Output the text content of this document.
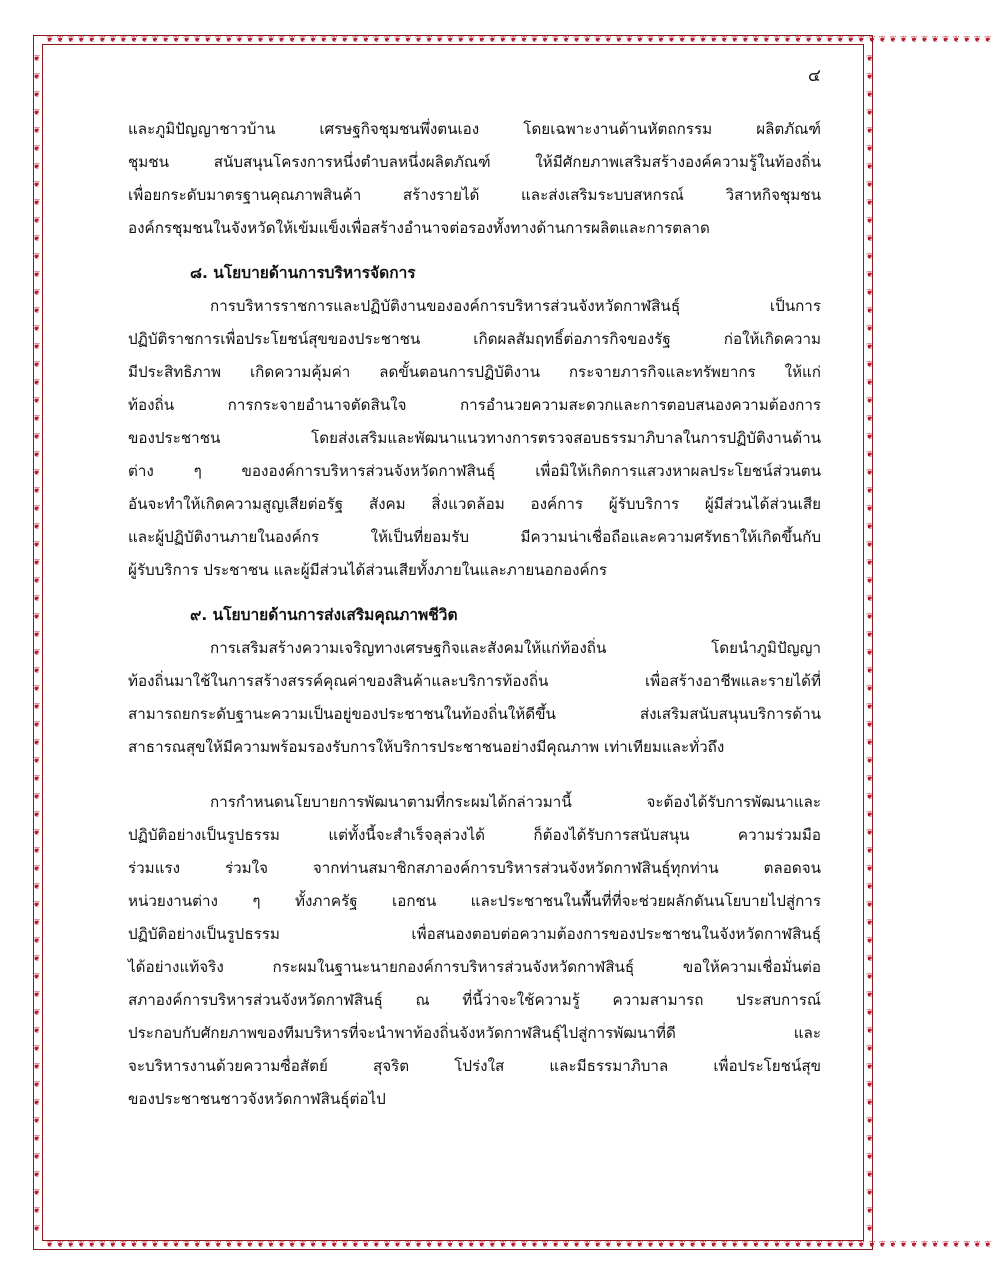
❦❦❦❦❦❦❦❦❦❦❦❦❦❦❦❦❦❦❦❦❦❦❦❦❦❦❦❦❦❦❦❦❦❦❦❦❦❦❦❦❦❦❦❦❦❦❦❦❦❦❦❦❦❦❦❦❦❦❦❦❦❦❦❦❦❦❦❦❦❦❦❦❦❦❦❦❦❦❦❦❦❦❦❦❦❦❦❦❦❦
❦❦❦❦❦❦❦❦❦❦❦❦❦❦❦❦❦❦❦❦❦❦❦❦❦❦❦❦❦❦❦❦❦❦❦❦❦❦❦❦❦❦❦❦❦❦❦❦❦❦❦❦❦❦❦❦❦❦❦❦❦❦❦❦❦❦❦❦❦❦❦❦❦❦❦❦❦❦❦❦❦❦❦❦❦❦❦❦❦❦
❦❦❦❦❦❦❦❦❦❦❦❦❦❦❦❦❦❦❦❦❦❦❦❦❦❦❦❦❦❦❦❦❦❦❦❦❦❦❦❦❦❦❦❦❦❦❦❦❦❦❦❦❦❦❦❦❦❦❦❦❦❦❦❦❦❦
❦❦❦❦❦❦❦❦❦❦❦❦❦❦❦❦❦❦❦❦❦❦❦❦❦❦❦❦❦❦❦❦❦❦❦❦❦❦❦❦❦❦❦❦❦❦❦❦❦❦❦❦❦❦❦❦❦❦❦❦❦❦❦❦❦❦
๔

และภูมิปัญญาชาวบ้าน เศรษฐกิจชุมชนพึ่งตนเอง โดยเฉพาะงานด้านหัตถกรรม ผลิตภัณฑ์

ชุมชน สนับสนุนโครงการหนึ่งตำบลหนึ่งผลิตภัณฑ์ ให้มีศักยภาพเสริมสร้างองค์ความรู้ในท้องถิ่น

เพื่อยกระดับมาตรฐานคุณภาพสินค้า สร้างรายได้ และส่งเสริมระบบสหกรณ์ วิสาหกิจชุมชน

องค์กรชุมชนในจังหวัดให้เข้มแข็งเพื่อสร้างอำนาจต่อรองทั้งทางด้านการผลิตและการตลาด

๘. นโยบายด้านการบริหารจัดการ

การบริหารราชการและปฏิบัติงานขององค์การบริหารส่วนจังหวัดกาฬสินธุ์ เป็นการ

ปฏิบัติราชการเพื่อประโยชน์สุขของประชาชน เกิดผลสัมฤทธิ์ต่อภารกิจของรัฐ ก่อให้เกิดความ

มีประสิทธิภาพ เกิดความคุ้มค่า ลดขั้นตอนการปฏิบัติงาน กระจายภารกิจและทรัพยากร ให้แก่

ท้องถิ่น การกระจายอำนาจตัดสินใจ การอำนวยความสะดวกและการตอบสนองความต้องการ

ของประชาชน โดยส่งเสริมและพัฒนาแนวทางการตรวจสอบธรรมาภิบาลในการปฏิบัติงานด้าน

ต่าง ๆ ขององค์การบริหารส่วนจังหวัดกาฬสินธุ์ เพื่อมิให้เกิดการแสวงหาผลประโยชน์ส่วนตน

อันจะทำให้เกิดความสูญเสียต่อรัฐ สังคม สิ่งแวดล้อม องค์การ ผู้รับบริการ ผู้มีส่วนได้ส่วนเสีย

และผู้ปฏิบัติงานภายในองค์กร ให้เป็นที่ยอมรับ มีความน่าเชื่อถือและความศรัทธาให้เกิดขึ้นกับ

ผู้รับบริการ ประชาชน และผู้มีส่วนได้ส่วนเสียทั้งภายในและภายนอกองค์กร

๙. นโยบายด้านการส่งเสริมคุณภาพชีวิต

การเสริมสร้างความเจริญทางเศรษฐกิจและสังคมให้แก่ท้องถิ่น โดยนำภูมิปัญญา

ท้องถิ่นมาใช้ในการสร้างสรรค์คุณค่าของสินค้าและบริการท้องถิ่น เพื่อสร้างอาชีพและรายได้ที่

สามารถยกระดับฐานะความเป็นอยู่ของประชาชนในท้องถิ่นให้ดีขึ้น ส่งเสริมสนับสนุนบริการด้าน

สาธารณสุขให้มีความพร้อมรองรับการให้บริการประชาชนอย่างมีคุณภาพ เท่าเทียมและทั่วถึง

การกำหนดนโยบายการพัฒนาตามที่กระผมได้กล่าวมานี้ จะต้องได้รับการพัฒนาและ

ปฏิบัติอย่างเป็นรูปธรรม แต่ทั้งนี้จะสำเร็จลุล่วงได้ ก็ต้องได้รับการสนับสนุน ความร่วมมือ

ร่วมแรง ร่วมใจ จากท่านสมาชิกสภาองค์การบริหารส่วนจังหวัดกาฬสินธุ์ทุกท่าน ตลอดจน

หน่วยงานต่าง ๆ ทั้งภาครัฐ เอกชน และประชาชนในพื้นที่ที่จะช่วยผลักดันนโยบายไปสู่การ

ปฏิบัติอย่างเป็นรูปธรรม เพื่อสนองตอบต่อความต้องการของประชาชนในจังหวัดกาฬสินธุ์

ได้อย่างแท้จริง กระผมในฐานะนายกองค์การบริหารส่วนจังหวัดกาฬสินธุ์ ขอให้ความเชื่อมั่นต่อ

สภาองค์การบริหารส่วนจังหวัดกาฬสินธุ์ ณ ที่นี้ว่าจะใช้ความรู้ ความสามารถ ประสบการณ์

ประกอบกับศักยภาพของทีมบริหารที่จะนำพาท้องถิ่นจังหวัดกาฬสินธุ์ไปสู่การพัฒนาที่ดี และ

จะบริหารงานด้วยความซื่อสัตย์ สุจริต โปร่งใส และมีธรรมาภิบาล เพื่อประโยชน์สุข

ของประชาชนชาวจังหวัดกาฬสินธุ์ต่อไป
